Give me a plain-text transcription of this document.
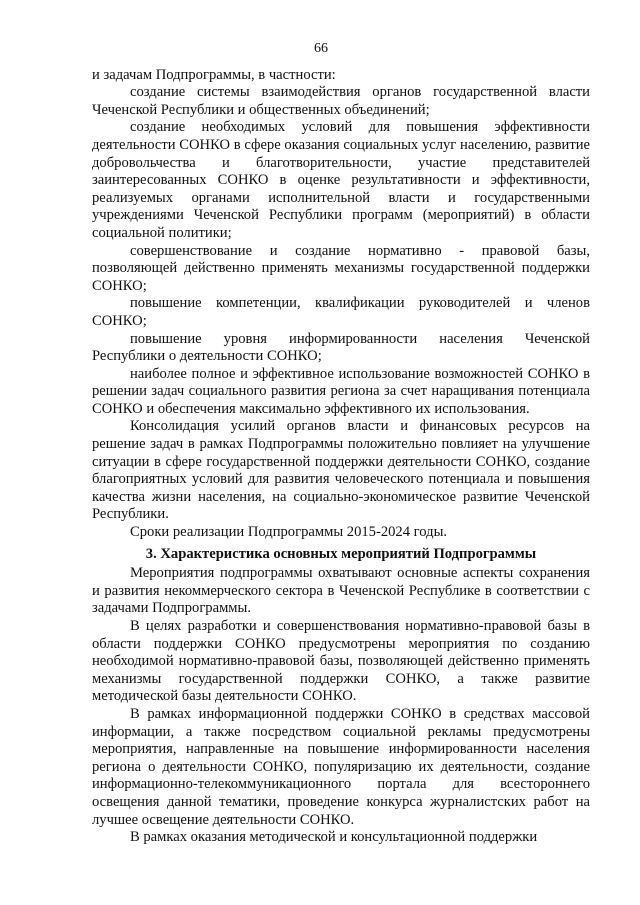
66

и задачам Подпрограммы, в частности:

создание системы взаимодействия органов государственной власти Чеченской Республики и общественных объединений;

создание необходимых условий для повышения эффективности деятельности СОНКО в сфере оказания социальных услуг населению, развитие добровольчества и благотворительности, участие представителей заинтересованных СОНКО в оценке результативности и эффективности, реализуемых органами исполнительной власти и государственными учреждениями Чеченской Республики программ (мероприятий) в области социальной политики;

совершенствование и создание нормативно - правовой базы, позволяющей действенно применять механизмы государственной поддержки СОНКО;

повышение компетенции, квалификации руководителей и членов СОНКО;

повышение уровня информированности населения Чеченской Республики о деятельности СОНКО;

наиболее полное и эффективное использование возможностей СОНКО в решении задач социального развития региона за счет наращивания потенциала СОНКО и обеспечения максимально эффективного их использования.

Консолидация усилий органов власти и финансовых ресурсов на решение задач в рамках Подпрограммы положительно повлияет на улучшение ситуации в сфере государственной поддержки деятельности СОНКО, создание благоприятных условий для развития человеческого потенциала и повышения качества жизни населения, на социально-экономическое развитие Чеченской Республики.

Сроки реализации Подпрограммы 2015-2024 годы.

3. Характеристика основных мероприятий Подпрограммы

Мероприятия подпрограммы охватывают основные аспекты сохранения и развития некоммерческого сектора в Чеченской Республике в соответствии с задачами Подпрограммы.

В целях разработки и совершенствования нормативно-правовой базы в области поддержки СОНКО предусмотрены мероприятия по созданию необходимой нормативно-правовой базы, позволяющей действенно применять механизмы государственной поддержки СОНКО, а также развитие методической базы деятельности СОНКО.

В рамках информационной поддержки СОНКО в средствах массовой информации, а также посредством социальной рекламы предусмотрены мероприятия, направленные на повышение информированности населения региона о деятельности СОНКО, популяризацию их деятельности, создание информационно-телекоммуникационного портала для всестороннего освещения данной тематики, проведение конкурса журналистских работ на лучшее освещение деятельности СОНКО.

В рамках оказания методической и консультационной поддержки
